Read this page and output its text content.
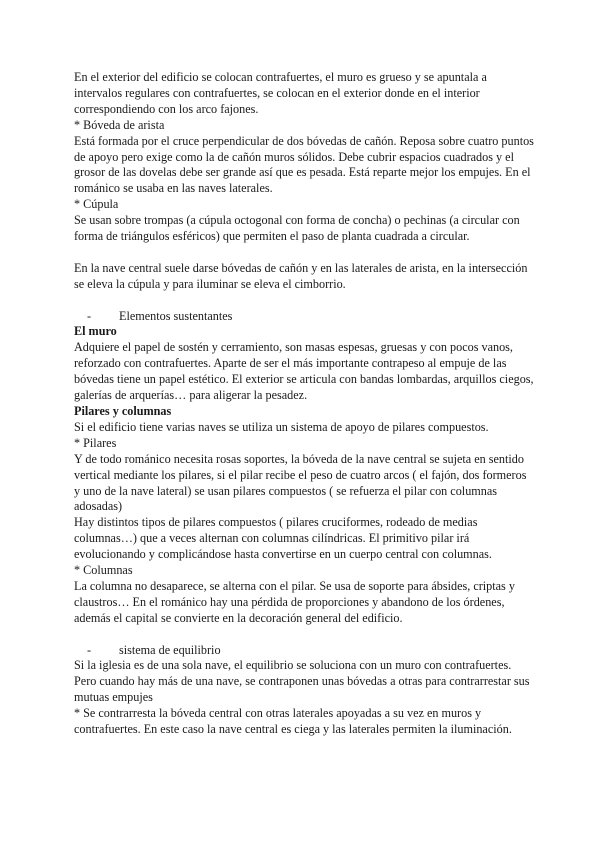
En el exterior del edificio se colocan contrafuertes, el muro es grueso y se apuntala a intervalos regulares con contrafuertes, se colocan en el exterior donde en el interior correspondiendo con los arco fajones.

* Bóveda de arista

Está formada por el cruce perpendicular de dos bóvedas de cañón. Reposa sobre cuatro puntos de apoyo pero exige como la de cañón muros sólidos. Debe cubrir espacios cuadrados y el grosor de las dovelas debe ser grande así que es pesada. Está reparte mejor los empujes. En el románico se usaba en las naves laterales.

* Cúpula

Se usan sobre trompas (a cúpula octogonal con forma de concha) o pechinas (a circular con forma de triángulos esféricos) que permiten el paso de planta cuadrada a circular.

En la nave central suele darse bóvedas de cañón y en las laterales de arista, en la intersección se eleva la cúpula y para iluminar se eleva el cimborrio.

-	Elementos sustentantes

El muro

Adquiere el papel de sostén y cerramiento, son masas espesas, gruesas y con pocos vanos, reforzado con contrafuertes. Aparte de ser el más importante contrapeso al empuje de las bóvedas tiene un papel estético. El exterior se articula con bandas lombardas, arquillos ciegos, galerías de arquerías… para aligerar la pesadez.

Pilares y columnas

Si el edificio tiene varias naves se utiliza un sistema de apoyo de pilares compuestos.

* Pilares

Y de todo románico necesita rosas soportes, la bóveda de la nave central se sujeta en sentido vertical mediante los pilares, si el pilar recibe el peso de cuatro arcos ( el fajón, dos formeros y uno de la nave lateral) se usan pilares compuestos ( se refuerza el pilar con columnas adosadas)

Hay distintos tipos de pilares compuestos ( pilares cruciformes, rodeado de medias columnas…) que a veces alternan con columnas cilíndricas. El primitivo pilar irá evolucionando y complicándose hasta convertirse en un cuerpo central con columnas.

* Columnas

La columna no desaparece, se alterna con el pilar. Se usa de soporte para ábsides, criptas y claustros… En el románico hay una pérdida de proporciones y abandono de los órdenes, además el capital se convierte en la decoración general del edificio.

-	sistema de equilibrio

Si la iglesia es de una sola nave, el equilibrio se soluciona con un muro con contrafuertes. Pero cuando hay más de una nave, se contraponen unas bóvedas a otras para contrarrestar sus mutuas empujes

* Se contrarresta la bóveda central con otras laterales apoyadas a su vez en muros y contrafuertes. En este caso la nave central es ciega y las laterales permiten la iluminación.
